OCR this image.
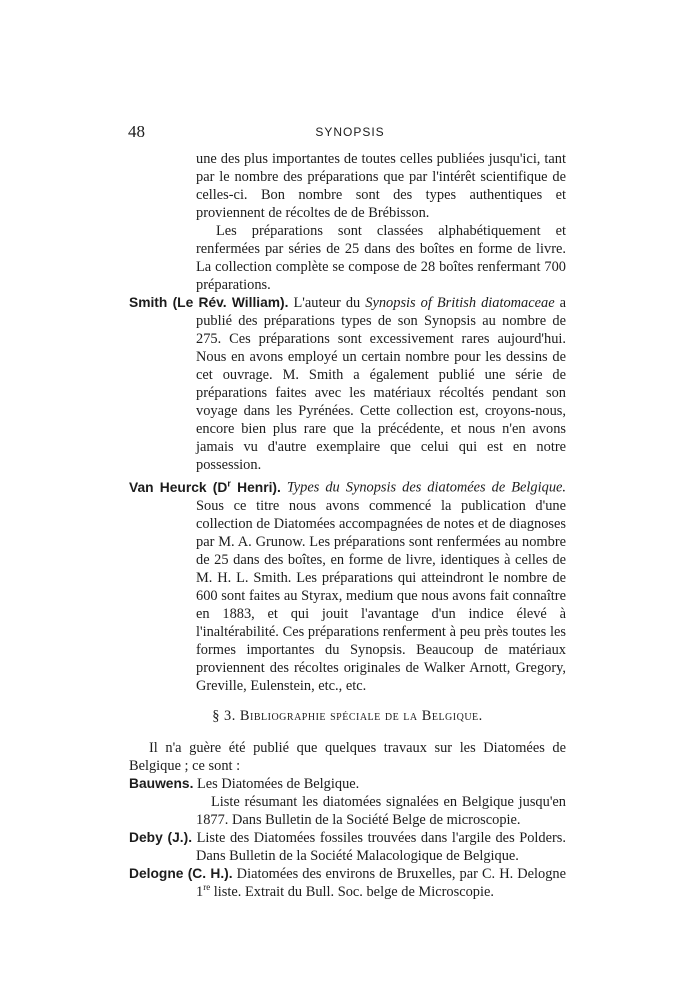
48	SYNOPSIS

une des plus importantes de toutes celles publiées jusqu'ici, tant par le nombre des préparations que par l'intérêt scientifique de celles-ci. Bon nombre sont des types authentiques et proviennent de récoltes de de Brébisson.

Les préparations sont classées alphabétiquement et renfermées par séries de 25 dans des boîtes en forme de livre. La collection complète se compose de 28 boîtes renfermant 700 préparations.

Smith (Le Rév. William). L'auteur du Synopsis of British diatomaceae a publié des préparations types de son Synopsis au nombre de 275. Ces préparations sont excessivement rares aujourd'hui. Nous en avons employé un certain nombre pour les dessins de cet ouvrage. M. Smith a également publié une série de préparations faites avec les matériaux récoltés pendant son voyage dans les Pyrénées. Cette collection est, croyons-nous, encore bien plus rare que la précédente, et nous n'en avons jamais vu d'autre exemplaire que celui qui est en notre possession.

Van Heurck ($D^r$ Henri). Types du Synopsis des diatomées de Belgique. Sous ce titre nous avons commencé la publication d'une collection de Diatomées accompagnées de notes et de diagnoses par M. A. Grunow. Les préparations sont renfermées au nombre de 25 dans des boîtes, en forme de livre, identiques à celles de M. H. L. Smith. Les préparations qui atteindront le nombre de 600 sont faites au Styrax, medium que nous avons fait connaître en 1883, et qui jouit l'avantage d'un indice élevé à l'inaltérabilité. Ces préparations renferment à peu près toutes les formes importantes du Synopsis. Beaucoup de matériaux proviennent des récoltes originales de Walker Arnott, Gregory, Greville, Eulenstein, etc., etc.

§ 3. Bibliographie spéciale de la Belgique.

Il n'a guère été publié que quelques travaux sur les Diatomées de Belgique ; ce sont :

Bauwens. Les Diatomées de Belgique.

Liste résumant les diatomées signalées en Belgique jusqu'en 1877. Dans Bulletin de la Société Belge de microscopie.

Deby (J.). Liste des Diatomées fossiles trouvées dans l'argile des Polders. Dans Bulletin de la Société Malacologique de Belgique.

Delogne (C. H.). Diatomées des environs de Bruxelles, par C. H. Delogne 1re liste. Extrait du Bull. Soc. belge de Microscopie.
